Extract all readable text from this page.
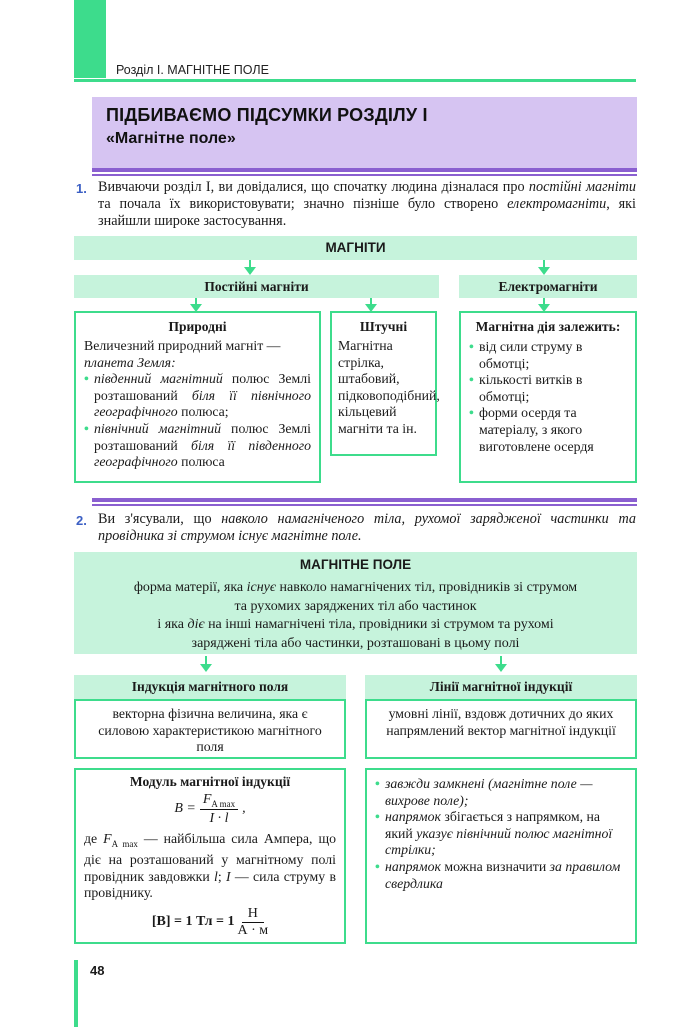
Розділ I. МАГНІТНЕ ПОЛЕ
ПІДБИВАЄМО ПІДСУМКИ РОЗДІЛУ I
«Магнітне поле»
1. Вивчаючи розділ I, ви довідалися, що спочатку людина дізналася про постійні магніти та почала їх використовувати; значно пізніше було створено електромагніти, які знайшли широке застосування.
МАГНІТИ
Постійні магніти	Електромагніти
Природні
Величезний природний магніт — планета Земля:
• південний магнітний полюс Землі розташований біля її північного географічного полюса;
• північний магнітний полюс Землі розташований біля її південного географічного полюса
Штучні
Магнітна стрілка, штабовий, підковоподібний, кільцевий магніти та ін.
Магнітна дія залежить:
• від сили струму в обмотці;
• кількості витків в обмотці;
• форми осердя та матеріалу, з якого виготовлене осердя
2. Ви з'ясували, що навколо намагніченого тіла, рухомої зарядженої частинки та провідника зі струмом існує магнітне поле.
МАГНІТНЕ ПОЛЕ
форма матерії, яка існує навколо намагнічених тіл, провідників зі струмом
та рухомих заряджених тіл або частинок
і яка діє на інші намагнічені тіла, провідники зі струмом та рухомі
заряджені тіла або частинки, розташовані в цьому полі
Індукція магнітного поля	Лінії магнітної індукції
векторна фізична величина, яка є силовою характеристикою магнітного поля
умовні лінії, вздовж дотичних до яких напрямлений вектор магнітної індукції
Модуль магнітної індукції
B =
$F_{A max}$
I · l
,
де $F_{A max}$ — найбільша сила Ампера, що діє на розташований у магнітному полі провідник завдовжки l; I — сила струму в провіднику.
[B] = 1 Тл = 1
Н
А · м
• завжди замкнені (магнітне поле — вихрове поле);
• напрямок збігається з напрямком, на який указує північний полюс магнітної стрілки;
• напрямок можна визначити за правилом свердлика
48
